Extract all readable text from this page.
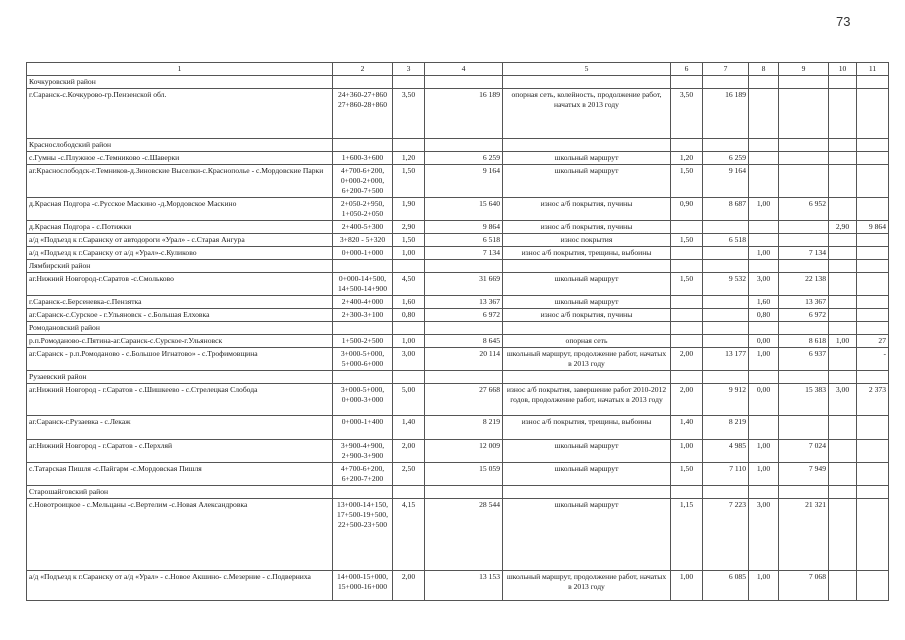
73
1	2	3	4	5	6	7	8	9	10	11
Кочкуровский район										
г.Саранск-с.Кочкурово-гр.Пензенской обл.	24+360-27+860
27+860-28+860	3,50	16 189	опорная сеть, колейность, продолжение работ, начатых в 2013 году	3,50	16 189				
Краснослободский район										
с.Гумны -с.Плужное -с.Темниково -с.Шаверки	1+600-3+600	1,20	6 259	школьный маршрут	1,20	6 259				
аг.Краснослободск-г.Темников-д.Зиновские Выселки-с.Краснополье - с.Мордовские Парки	4+700-6+200,
0+000-2+000,
6+200-7+500	1,50	9 164	школьный маршрут	1,50	9 164				
д.Красная Подгора -с.Русское Маскино -д.Мордовское Маскино	2+050-2+950,
1+050-2+050	1,90	15 640	износ а/б покрытия, пучины	0,90	8 687	1,00	6 952		
д.Красная Подгора - с.Потижки	2+400-5+300	2,90	9 864	износ а/б покрытия, пучины					2,90	9 864
а/д «Подъезд к г.Саранску от автодороги «Урал» - с.Старая Ангура	3+820 - 5+320	1,50	6 518	износ покрытия	1,50	6 518				
а/д «Подъезд к г.Саранску от а/д «Урал»-с.Куликово	0+000-1+000	1,00	7 134	износ а/б покрытия, трещины, выбоины			1,00	7 134		
Лямбирский район										
аг.Нижний Новгород-г.Саратов -с.Смольково	0+000-14+500,
14+500-14+900	4,50	31 669	школьный маршрут	1,50	9 532	3,00	22 138		
г.Саранск-с.Берсеневка-с.Пензятка	2+400-4+000	1,60	13 367	школьный маршрут			1,60	13 367		
аг.Саранск-с.Сурское - г.Ульяновск - с.Большая Елховка	2+300-3+100	0,80	6 972	износ а/б покрытия, пучины			0,80	6 972		
Ромодановский район										
р.п.Ромоданово-с.Пятина-аг.Саранск-с.Сурское-г.Ульяновск	1+500-2+500	1,00	8 645	опорная сеть			0,00	8 618	1,00	27
аг.Саранск - р.п.Ромоданово - с.Большое Игнатово» - с.Трофимовщина	3+000-5+000,
5+000-6+000	3,00	20 114	школьный маршрут, продолжение работ, начатых в 2013 году	2,00	13 177	1,00	6 937		-
Рузаевский район										
аг.Нижний Новгород - г.Саратов - с.Шишкеево - с.Стрелецкая Слобода	3+000-5+000,
0+000-3+000	5,00	27 668	износ а/б покрытия, завершение работ 2010-2012 годов, продолжение работ, начатых в 2013 году	2,00	9 912	0,00	15 383	3,00	2 373
аг.Саранск-г.Рузаевка - с.Лекаж	0+000-1+400	1,40	8 219	износ а/б покрытия, трещины, выбоины	1,40	8 219				
аг.Нижний Новгород - г.Саратов - с.Перхляй	3+900-4+900,
2+900-3+900	2,00	12 009	школьный маршрут	1,00	4 985	1,00	7 024		
с.Татарская Пишля -с.Пайгарм -с.Мордовская Пишля	4+700-6+200,
6+200-7+200	2,50	15 059	школьный маршрут	1,50	7 110	1,00	7 949		
Старошайговский район										
с.Новотроицкое - с.Мельцаны -с.Вертелим -с.Новая Александровка	13+000-14+150,
17+500-19+500,
22+500-23+500	4,15	28 544	школьный маршрут	1,15	7 223	3,00	21 321		
а/д «Подъезд к г.Саранску от а/д «Урал» - с.Новое Акшино- с.Мезерние - с.Подверниха	14+000-15+000,
15+000-16+000	2,00	13 153	школьный маршрут, продолжение работ, начатых в 2013 году	1,00	6 085	1,00	7 068		
